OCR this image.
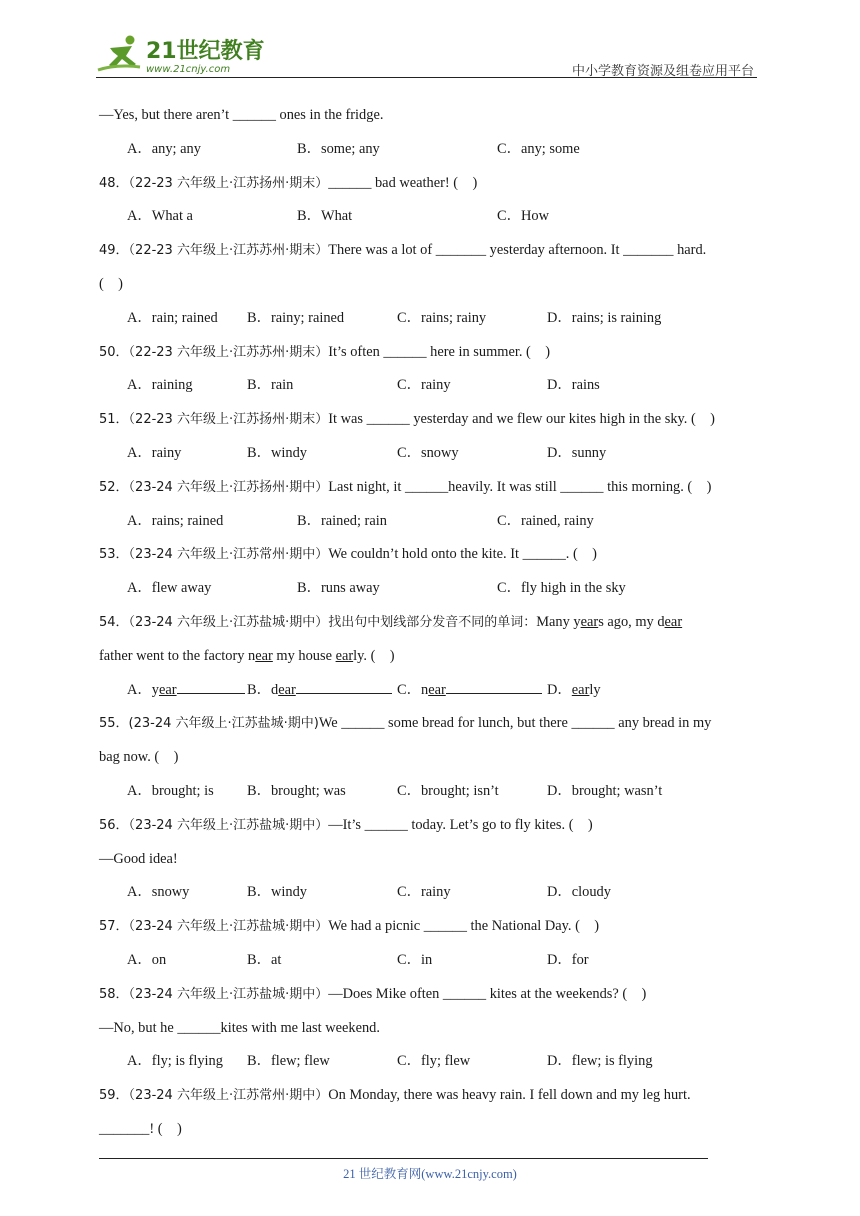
21世纪教育
www.21cnjy.com	中小学教育资源及组卷应用平台
—Yes, but there aren’t ______ ones in the fridge.
A．any; any	B．some; any	C．any; some
48．（22-23 六年级上·江苏扬州·期末）______ bad weather! (　)
A．What a	B．What	C．How
49．（22-23 六年级上·江苏苏州·期末）There was a lot of _______ yesterday afternoon. It _______ hard.
(　)
A．rain; rained B．rainy; rained	C．rains; rainy	D．rains; is raining
50．（22-23 六年级上·江苏苏州·期末）It’s often ______ here in summer. (　)
A．raining	B．rain	C．rainy	D．rains
51．（22-23 六年级上·江苏扬州·期末）It was ______ yesterday and we flew our kites high in the sky. (　)
A．rainy	B．windy	C．snowy	D．sunny
52．（23-24 六年级上·江苏扬州·期中）Last night, it ______heavily. It was still ______ this morning. (　)
A．rains; rained	B．rained; rain	C．rained, rainy
53．（23-24 六年级上·江苏常州·期中）We couldn’t hold onto the kite. It ______. (　)
A．flew away	B．runs away	C．fly high in the sky
54．（23-24 六年级上·江苏盐城·期中）找出句中划线部分发音不同的单词：Many years ago, my dear
father went to the factory near my house early. (　)
A．year	B．dear	C．near	D．early
55．(23-24 六年级上·江苏盐城·期中)We ______ some bread for lunch, but there ______ any bread in my
bag now. (　)
A．brought; is B．brought; was	C．brought; isn’t	D．brought; wasn’t
56．（23-24 六年级上·江苏盐城·期中）—It’s ______ today. Let’s go to fly kites. (　)
—Good idea!
A．snowy	B．windy	C．rainy	D．cloudy
57．（23-24 六年级上·江苏盐城·期中）We had a picnic ______ the National Day. (　)
A．on	B．at	C．in	D．for
58．（23-24 六年级上·江苏盐城·期中）—Does Mike often ______ kites at the weekends? (　)
—No, but he ______kites with me last weekend.
A．fly; is flying B．flew; flew	C．fly; flew	D．flew; is flying
59．（23-24 六年级上·江苏常州·期中）On Monday, there was heavy rain. I fell down and my leg hurt.
_______! (　)
21 世纪教育网(www.21cnjy.com)
